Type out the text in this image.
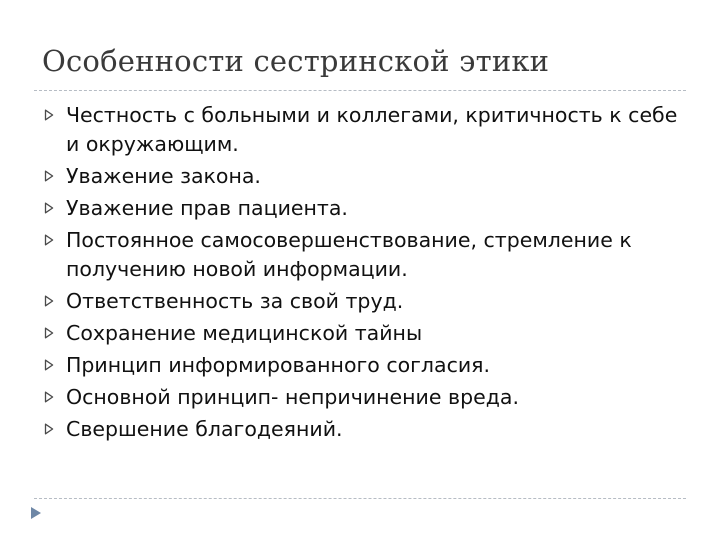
Особенности сестринской этики
Честность с больными и коллегами, критичность к себе и окружающим.
Уважение закона.
Уважение прав пациента.
Постоянное самосовершенствование, стремление к получению новой информации.
Ответственность за свой труд.
Сохранение медицинской тайны
Принцип информированного согласия.
Основной принцип- непричинение вреда.
Свершение благодеяний.
